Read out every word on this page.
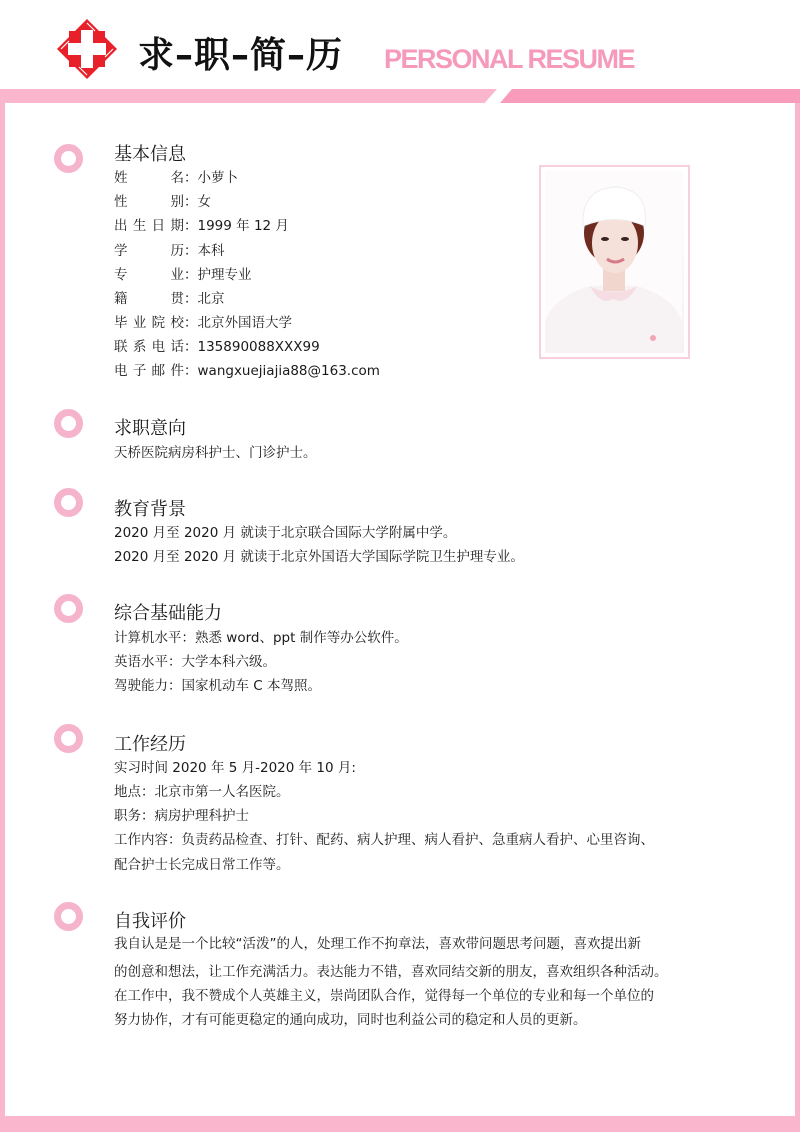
求–职–简–历 PERSONAL RESUME
基本信息
姓　　名：小萝卜
性　　别：女
出生日期：1999 年 12 月
学　　历：本科
专　　业：护理专业
籍　　贯：北京
毕业院校：北京外国语大学
联系电话：135890088XXX99
电子邮件：wangxuejiajia88@163.com
求职意向
天桥医院病房科护士、门诊护士。
教育背景
2020 月至 2020 月 就读于北京联合国际大学附属中学。
2020 月至 2020 月 就读于北京外国语大学国际学院卫生护理专业。
综合基础能力
计算机水平：熟悉 word、ppt 制作等办公软件。
英语水平：大学本科六级。
驾驶能力：国家机动车 C 本驾照。
工作经历
实习时间 2020 年 5 月-2020 年 10 月:
地点：北京市第一人名医院。
职务：病房护理科护士
工作内容：负责药品检查、打针、配药、病人护理、病人看护、急重病人看护、心里咨询、
配合护士长完成日常工作等。
自我评价
我自认是是一个比较“活泼”的人，处理工作不拘章法，喜欢带问题思考问题，喜欢提出新
的创意和想法，让工作充满活力。表达能力不错，喜欢同结交新的朋友，喜欢组织各种活动。
在工作中，我不赞成个人英雄主义，崇尚团队合作，觉得每一个单位的专业和每一个单位的
努力协作，才有可能更稳定的通向成功，同时也利益公司的稳定和人员的更新。
